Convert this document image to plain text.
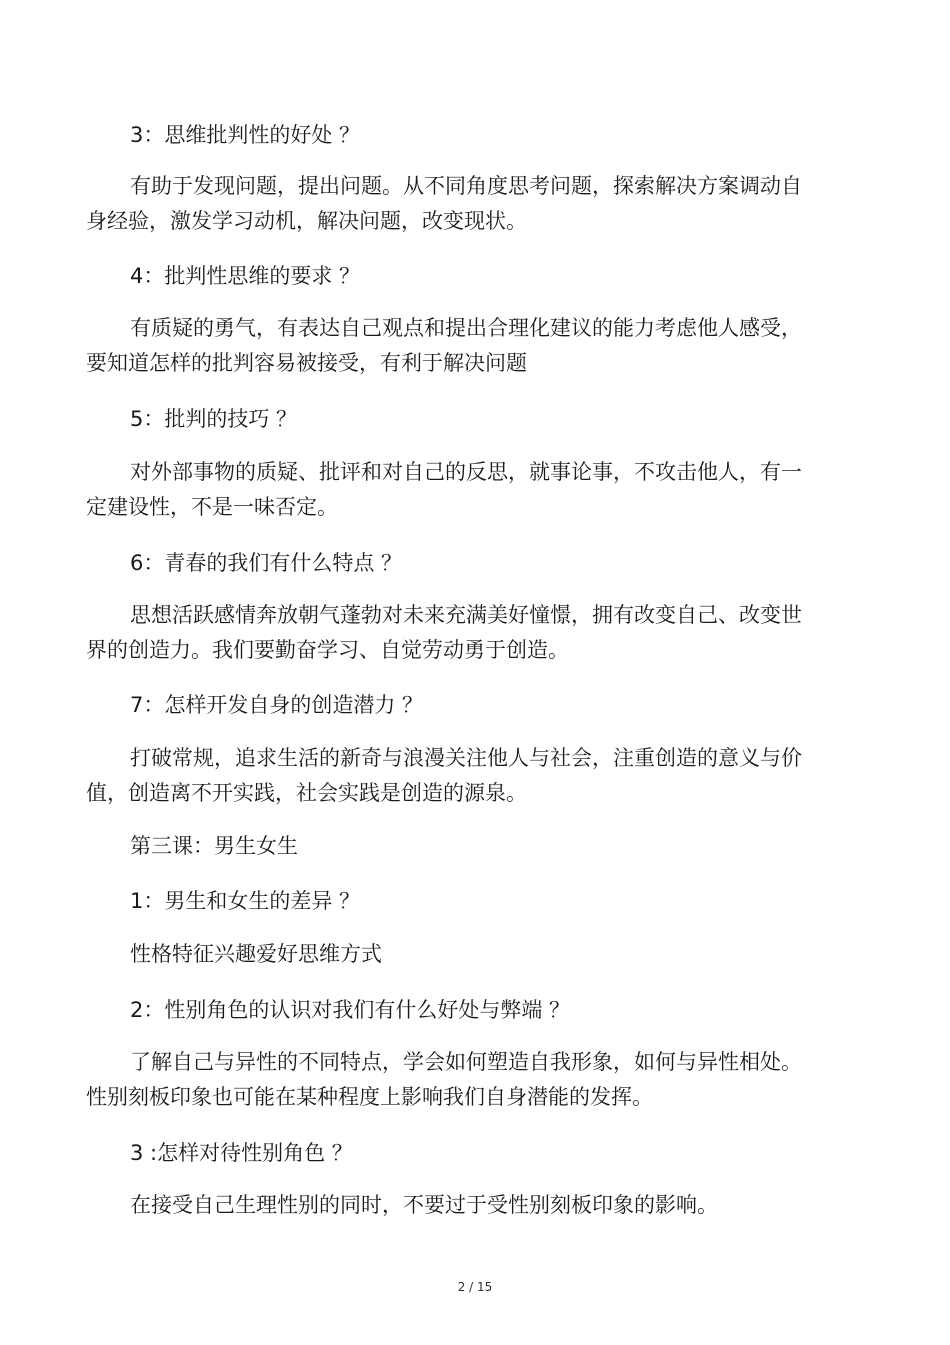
3：思维批判性的好处 ？
有助于发现问题，提出问题。从不同角度思考问题，探索解决方案调动自
身经验，激发学习动机，解决问题，改变现状。
4：批判性思维的要求 ？
有质疑的勇气，有表达自己观点和提出合理化建议的能力考虑他人感受，
要知道怎样的批判容易被接受，有利于解决问题
5：批判的技巧 ？
对外部事物的质疑、批评和对自己的反思，就事论事，不攻击他人，有一
定建设性，不是一味否定。
6：青春的我们有什么特点 ？
思想活跃感情奔放朝气蓬勃对未来充满美好憧憬，拥有改变自己、改变世
界的创造力。我们要勤奋学习、自觉劳动勇于创造。
7：怎样开发自身的创造潜力 ？
打破常规，追求生活的新奇与浪漫关注他人与社会，注重创造的意义与价
值，创造离不开实践，社会实践是创造的源泉。
第三课：男生女生
1：男生和女生的差异 ？
性格特征兴趣爱好思维方式
2：性别角色的认识对我们有什么好处与弊端 ？
了解自己与异性的不同特点，学会如何塑造自我形象，如何与异性相处。
性别刻板印象也可能在某种程度上影响我们自身潜能的发挥。
3 :怎样对待性别角色 ？
在接受自己生理性别的同时，不要过于受性别刻板印象的影响。
2 / 15
